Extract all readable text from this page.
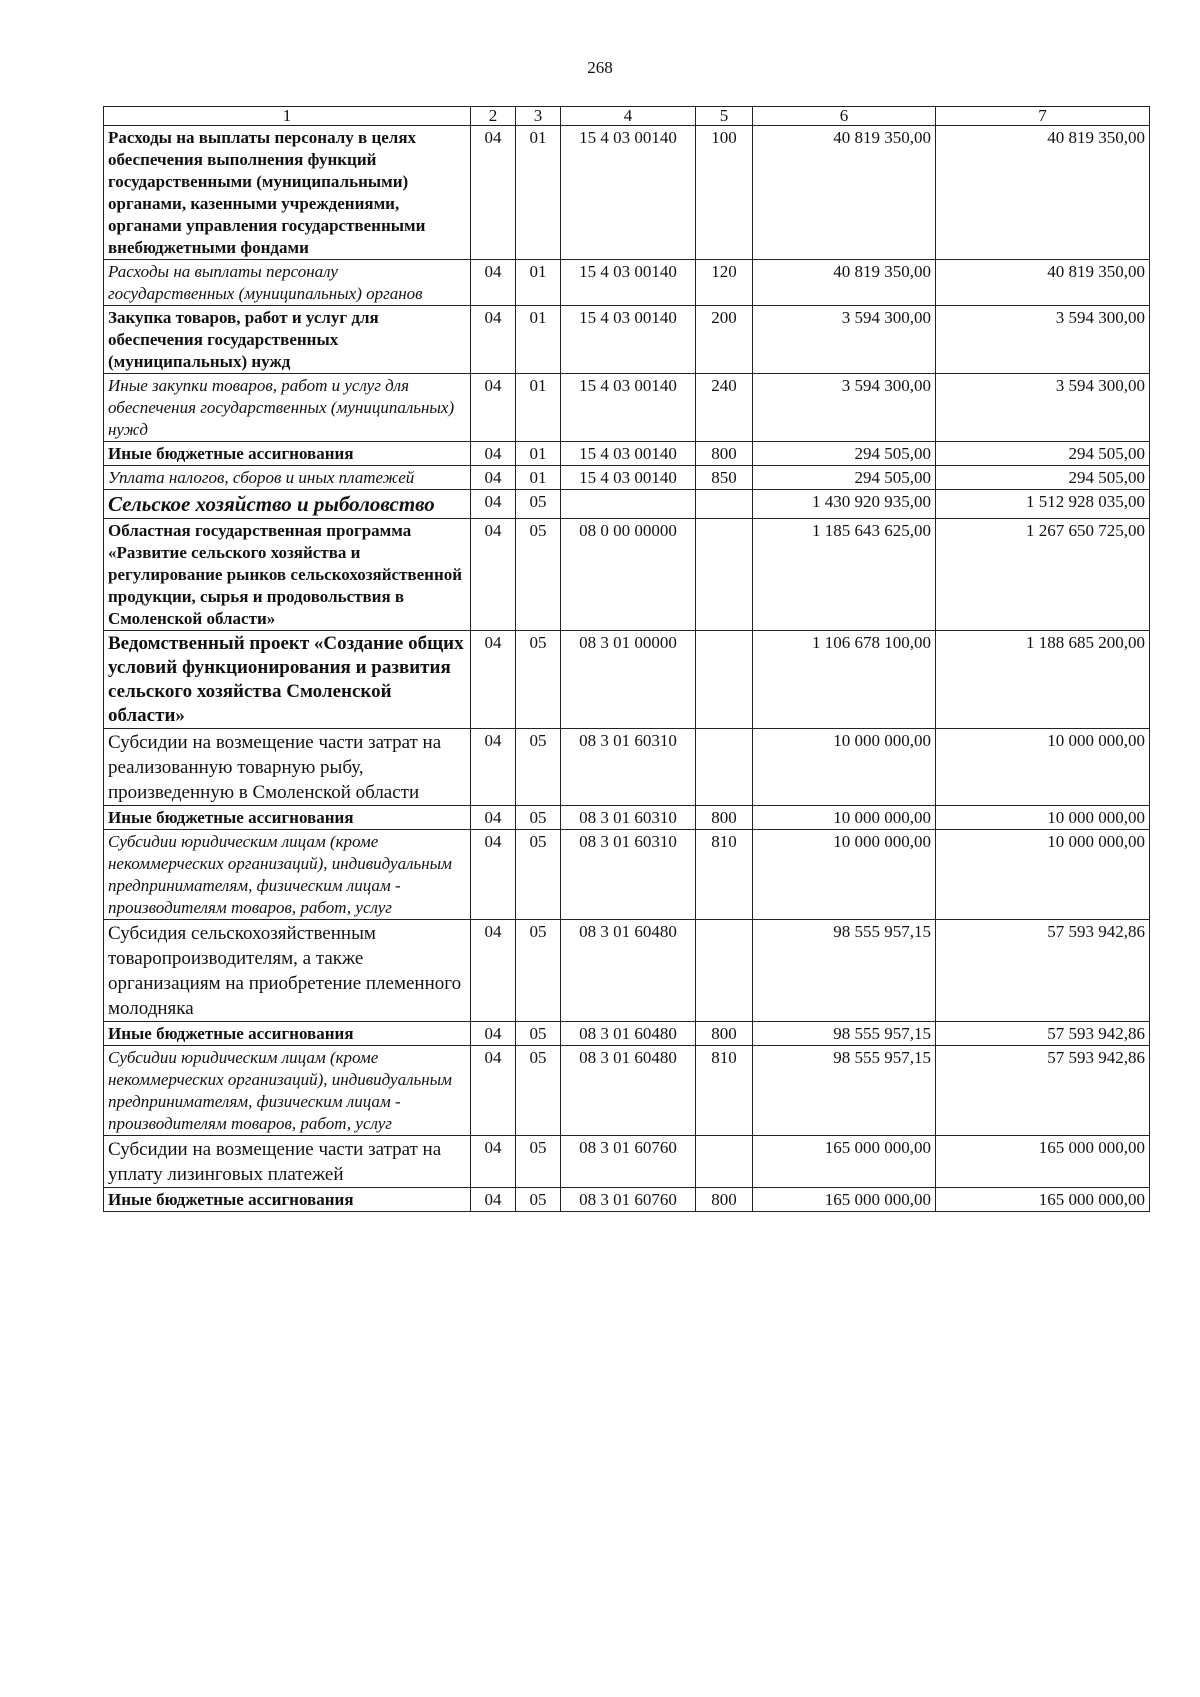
268
1	2	3	4	5	6	7
Расходы на выплаты персоналу в целях обеспечения выполнения функций государственными (муниципальными) органами, казенными учреждениями, органами управления государственными внебюджетными фондами	04	01	15 4 03 00140	100	40 819 350,00	40 819 350,00
Расходы на выплаты персоналу государственных (муниципальных) органов	04	01	15 4 03 00140	120	40 819 350,00	40 819 350,00
Закупка товаров, работ и услуг для обеспечения государственных (муниципальных) нужд	04	01	15 4 03 00140	200	3 594 300,00	3 594 300,00
Иные закупки товаров, работ и услуг для обеспечения государственных (муниципальных) нужд	04	01	15 4 03 00140	240	3 594 300,00	3 594 300,00
Иные бюджетные ассигнования	04	01	15 4 03 00140	800	294 505,00	294 505,00
Уплата налогов, сборов и иных платежей	04	01	15 4 03 00140	850	294 505,00	294 505,00
Сельское хозяйство и рыболовство	04	05			1 430 920 935,00	1 512 928 035,00
Областная государственная программа «Развитие сельского хозяйства и регулирование рынков сельскохозяйственной продукции, сырья и продовольствия в Смоленской области»	04	05	08 0 00 00000		1 185 643 625,00	1 267 650 725,00
Ведомственный проект «Создание общих условий функционирования и развития сельского хозяйства Смоленской области»	04	05	08 3 01 00000		1 106 678 100,00	1 188 685 200,00
Субсидии на возмещение части затрат на реализованную товарную рыбу, произведенную в Смоленской области	04	05	08 3 01 60310		10 000 000,00	10 000 000,00
Иные бюджетные ассигнования	04	05	08 3 01 60310	800	10 000 000,00	10 000 000,00
Субсидии юридическим лицам (кроме некоммерческих организаций), индивидуальным предпринимателям, физическим лицам - производителям товаров, работ, услуг	04	05	08 3 01 60310	810	10 000 000,00	10 000 000,00
Субсидия сельскохозяйственным товаропроизводителям, а также организациям на приобретение племенного молодняка	04	05	08 3 01 60480		98 555 957,15	57 593 942,86
Иные бюджетные ассигнования	04	05	08 3 01 60480	800	98 555 957,15	57 593 942,86
Субсидии юридическим лицам (кроме некоммерческих организаций), индивидуальным предпринимателям, физическим лицам - производителям товаров, работ, услуг	04	05	08 3 01 60480	810	98 555 957,15	57 593 942,86
Субсидии на возмещение части затрат на уплату лизинговых платежей	04	05	08 3 01 60760		165 000 000,00	165 000 000,00
Иные бюджетные ассигнования	04	05	08 3 01 60760	800	165 000 000,00	165 000 000,00
